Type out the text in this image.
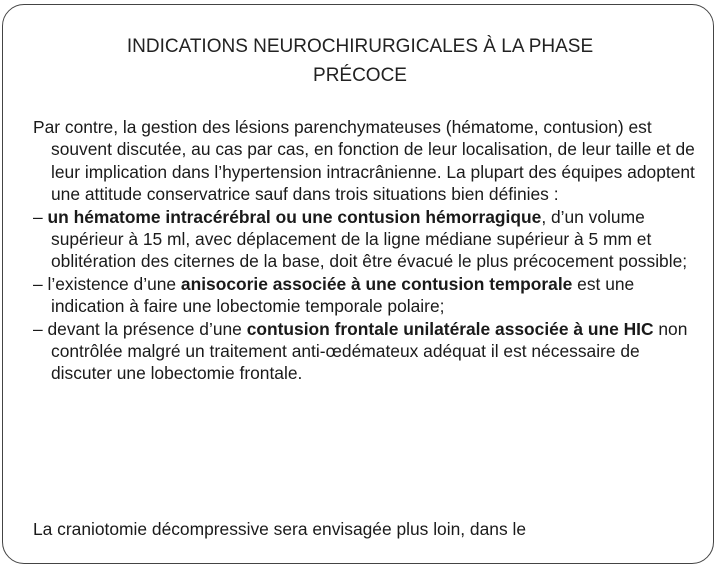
INDICATIONS NEUROCHIRURGICALES À LA PHASE
PRÉCOCE

Par contre, la gestion des lésions parenchymateuses (hématome, contusion) est souvent discutée, au cas par cas, en fonction de leur localisation, de leur taille et de leur implication dans l’hypertension intracrânienne. La plupart des équipes adoptent une attitude conservatrice sauf dans trois situations bien définies :

– un hématome intracérébral ou une contusion hémorragique, d’un volume supérieur à 15 ml, avec déplacement de la ligne médiane supérieur à 5 mm et oblitération des citernes de la base, doit être évacué le plus précocement possible;

– l’existence d’une anisocorie associée à une contusion temporale est une indication à faire une lobectomie temporale polaire;

– devant la présence d’une contusion frontale unilatérale associée à une HIC non contrôlée malgré un traitement anti-œdémateux adéquat il est nécessaire de discuter une lobectomie frontale.

La craniotomie décompressive sera envisagée plus loin, dans le
